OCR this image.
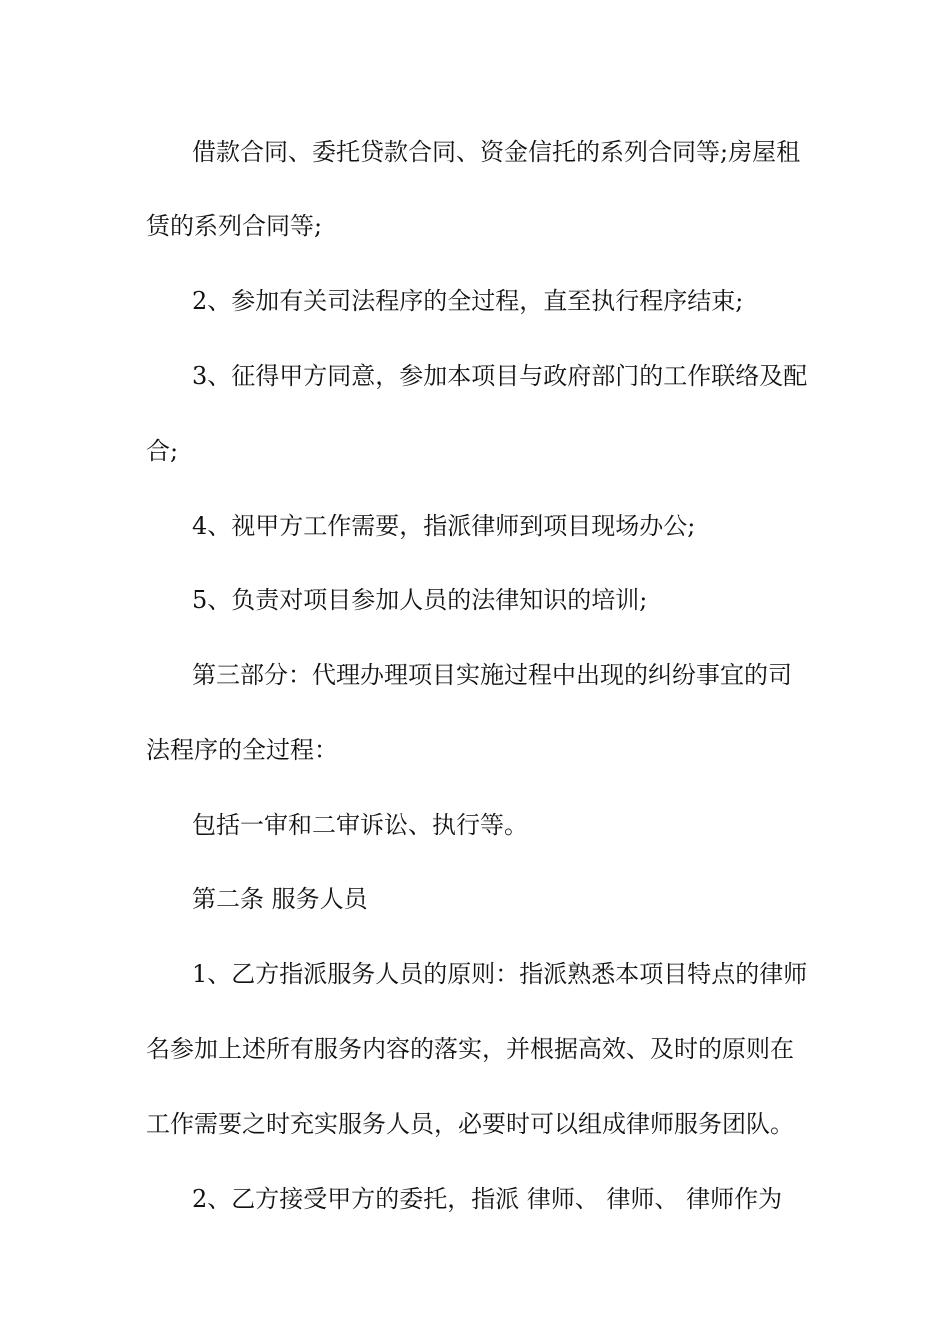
借款合同、委托贷款合同、资金信托的系列合同等;房屋租
赁的系列合同等;
2、参加有关司法程序的全过程，直至执行程序结束;
3、征得甲方同意，参加本项目与政府部门的工作联络及配
合;
4、视甲方工作需要，指派律师到项目现场办公;
5、负责对项目参加人员的法律知识的培训;
第三部分：代理办理项目实施过程中出现的纠纷事宜的司
法程序的全过程：
包括一审和二审诉讼、执行等。
第二条 服务人员
1、乙方指派服务人员的原则：指派熟悉本项目特点的律师
名参加上述所有服务内容的落实，并根据高效、及时的原则在
工作需要之时充实服务人员，必要时可以组成律师服务团队。
2、乙方接受甲方的委托，指派 律师、 律师、 律师作为
